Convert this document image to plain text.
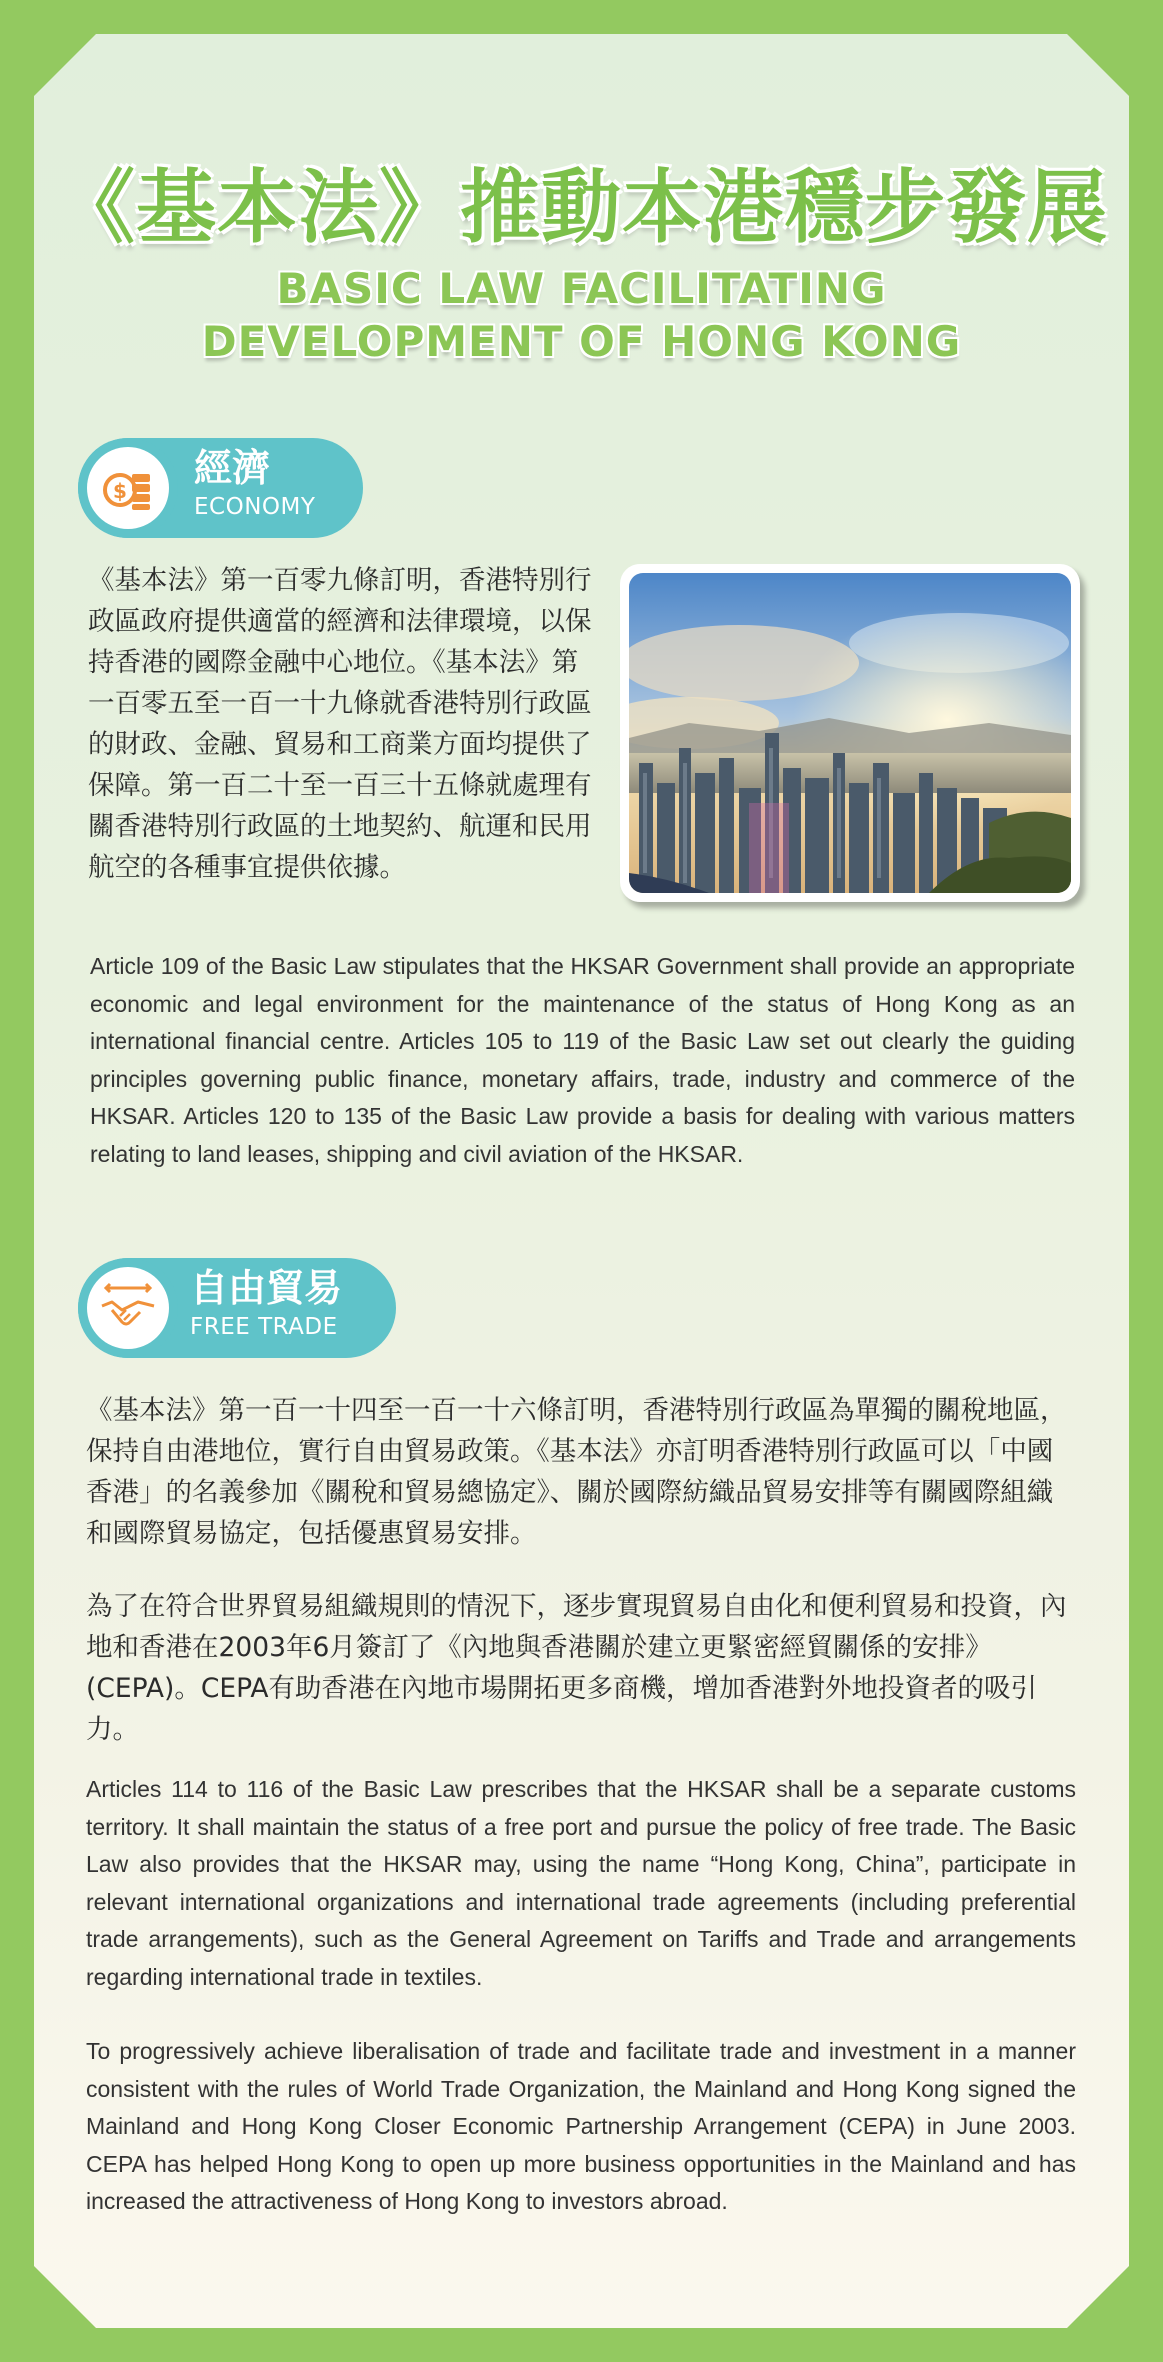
《基本法》推動本港穩步發展
BASIC LAW FACILITATING
DEVELOPMENT OF HONG KONG
$
經濟
ECONOMY

《基本法》第一百零九條訂明，香港特別行政區政府提供適當的經濟和法律環境，以保持香港的國際金融中心地位。《基本法》第一百零五至一百一十九條就香港特別行政區的財政、金融、貿易和工商業方面均提供了保障。第一百二十至一百三十五條就處理有關香港特別行政區的土地契約、航運和民用航空的各種事宜提供依據。

Article 109 of the Basic Law stipulates that the HKSAR Government shall provide an appropriate economic and legal environment for the maintenance of the status of Hong Kong as an international financial centre. Articles 105 to 119 of the Basic Law set out clearly the guiding principles governing public finance, monetary affairs, trade, industry and commerce of the HKSAR. Articles 120 to 135 of the Basic Law provide a basis for dealing with various matters relating to land leases, shipping and civil aviation of the HKSAR.

自由貿易
FREE TRADE

《基本法》第一百一十四至一百一十六條訂明，香港特別行政區為單獨的關稅地區，保持自由港地位，實行自由貿易政策。《基本法》亦訂明香港特別行政區可以「中國香港」的名義參加《關稅和貿易總協定》、關於國際紡織品貿易安排等有關國際組織和國際貿易協定，包括優惠貿易安排。

為了在符合世界貿易組織規則的情況下，逐步實現貿易自由化和便利貿易和投資，內地和香港在2003年6月簽訂了《內地與香港關於建立更緊密經貿關係的安排》(CEPA)。CEPA有助香港在內地市場開拓更多商機，增加香港對外地投資者的吸引力。

Articles 114 to 116 of the Basic Law prescribes that the HKSAR shall be a separate customs territory. It shall maintain the status of a free port and pursue the policy of free trade. The Basic Law also provides that the HKSAR may, using the name “Hong Kong, China”, participate in relevant international organizations and international trade agreements (including preferential trade arrangements), such as the General Agreement on Tariffs and Trade and arrangements regarding international trade in textiles.

To progressively achieve liberalisation of trade and facilitate trade and investment in a manner consistent with the rules of World Trade Organization, the Mainland and Hong Kong signed the Mainland and Hong Kong Closer Economic Partnership Arrangement (CEPA) in June 2003. CEPA has helped Hong Kong to open up more business opportunities in the Mainland and has increased the attractiveness of Hong Kong to investors abroad.
